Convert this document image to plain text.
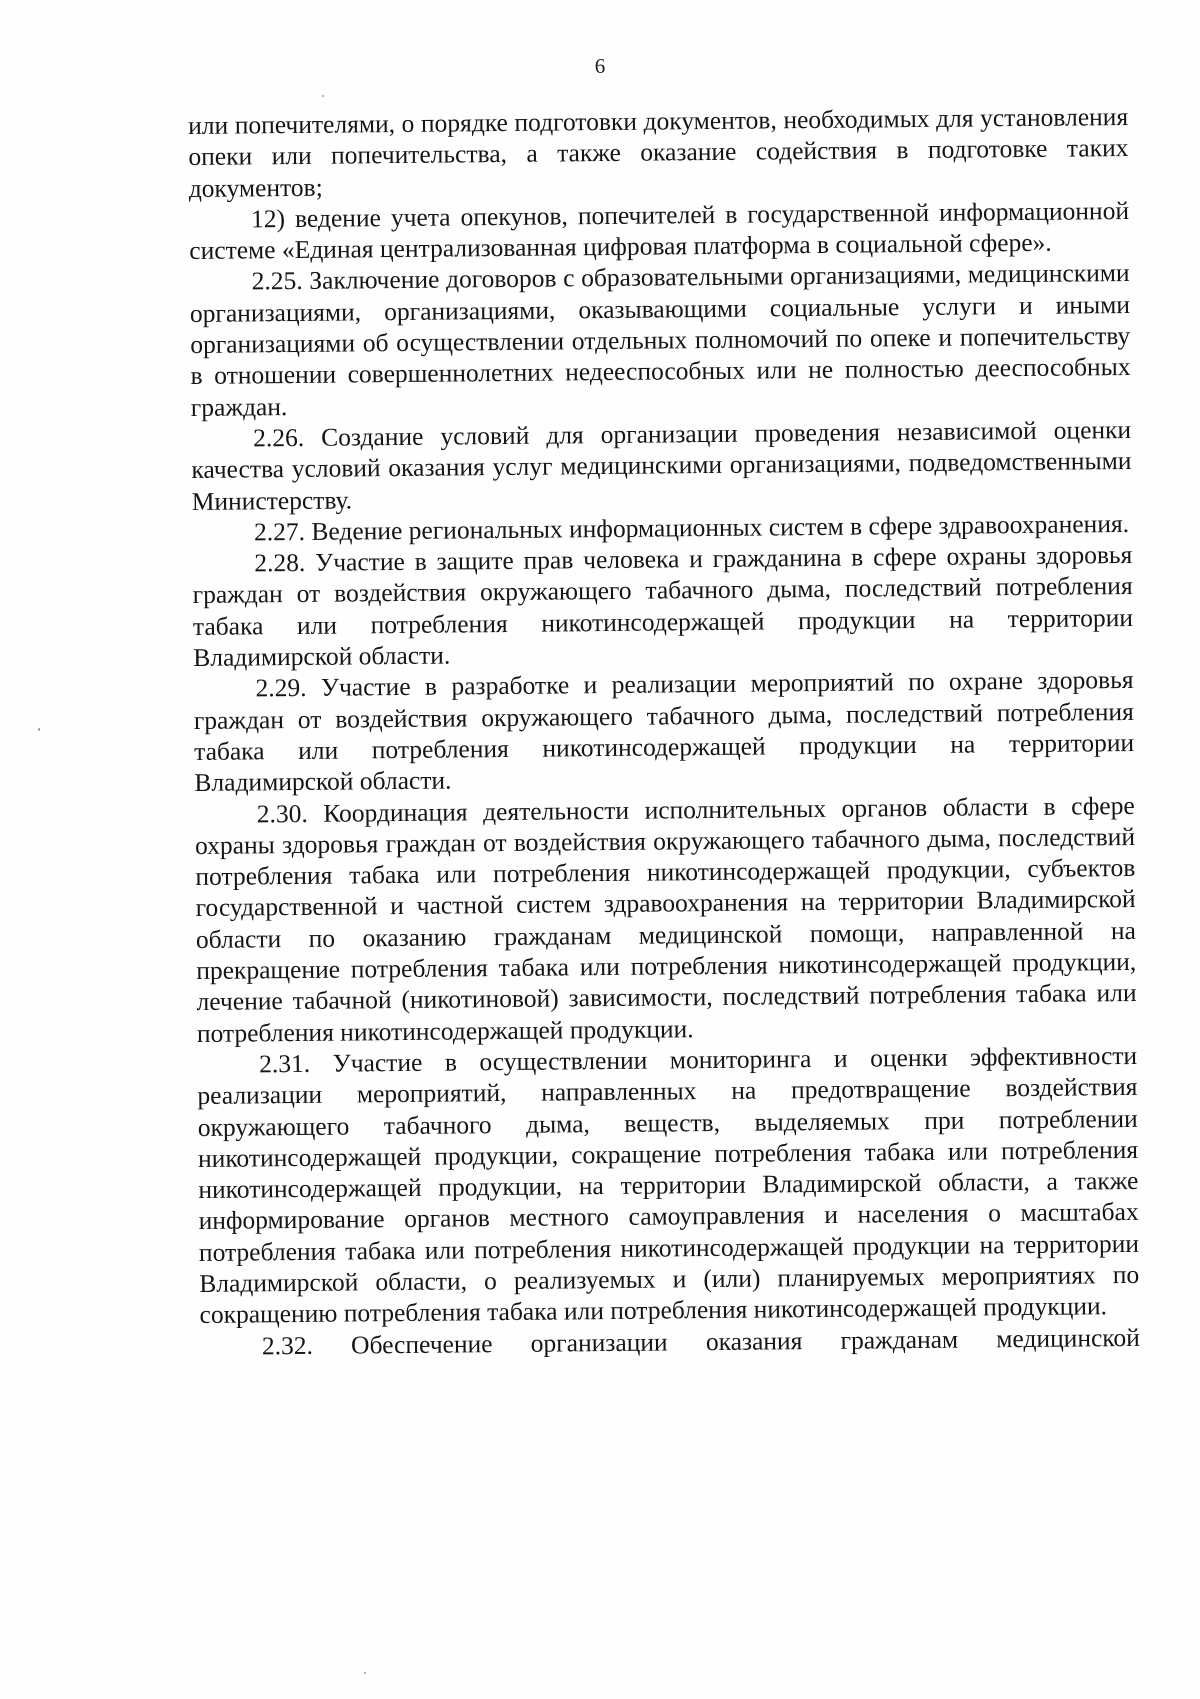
6

или попечителями, о порядке подготовки документов, необходимых для установления опеки или попечительства, а также оказание содействия в подготовке таких документов;

12) ведение учета опекунов, попечителей в государственной информационной системе «Единая централизованная цифровая платформа в социальной сфере».

2.25. Заключение договоров с образовательными организациями, медицинскими организациями, организациями, оказывающими социальные услуги и иными организациями об осуществлении отдельных полномочий по опеке и попечительству в отношении совершеннолетних недееспособных или не полностью дееспособных граждан.

2.26. Создание условий для организации проведения независимой оценки качества условий оказания услуг медицинскими организациями, подведомственными Министерству.

2.27. Ведение региональных информационных систем в сфере здравоохранения.

2.28. Участие в защите прав человека и гражданина в сфере охраны здоровья граждан от воздействия окружающего табачного дыма, последствий потребления табака или потребления никотинсодержащей продукции на территории Владимирской области.

2.29. Участие в разработке и реализации мероприятий по охране здоровья граждан от воздействия окружающего табачного дыма, последствий потребления табака или потребления никотинсодержащей продукции на территории Владимирской области.

2.30. Координация деятельности исполнительных органов области в сфере охраны здоровья граждан от воздействия окружающего табачного дыма, последствий потребления табака или потребления никотинсодержащей продукции, субъектов государственной и частной систем здравоохранения на территории Владимирской области по оказанию гражданам медицинской помощи, направленной на прекращение потребления табака или потребления никотинсодержащей продукции, лечение табачной (никотиновой) зависимости, последствий потребления табака или потребления никотинсодержащей продукции.

2.31. Участие в осуществлении мониторинга и оценки эффективности реализации мероприятий, направленных на предотвращение воздействия окружающего табачного дыма, веществ, выделяемых при потреблении никотинсодержащей продукции, сокращение потребления табака или потребления никотинсодержащей продукции, на территории Владимирской области, а также информирование органов местного самоуправления и населения о масштабах потребления табака или потребления никотинсодержащей продукции на территории Владимирской области, о реализуемых и (или) планируемых мероприятиях по сокращению потребления табака или потребления никотинсодержащей продукции.

2.32. Обеспечение организации оказания гражданам медицинской
